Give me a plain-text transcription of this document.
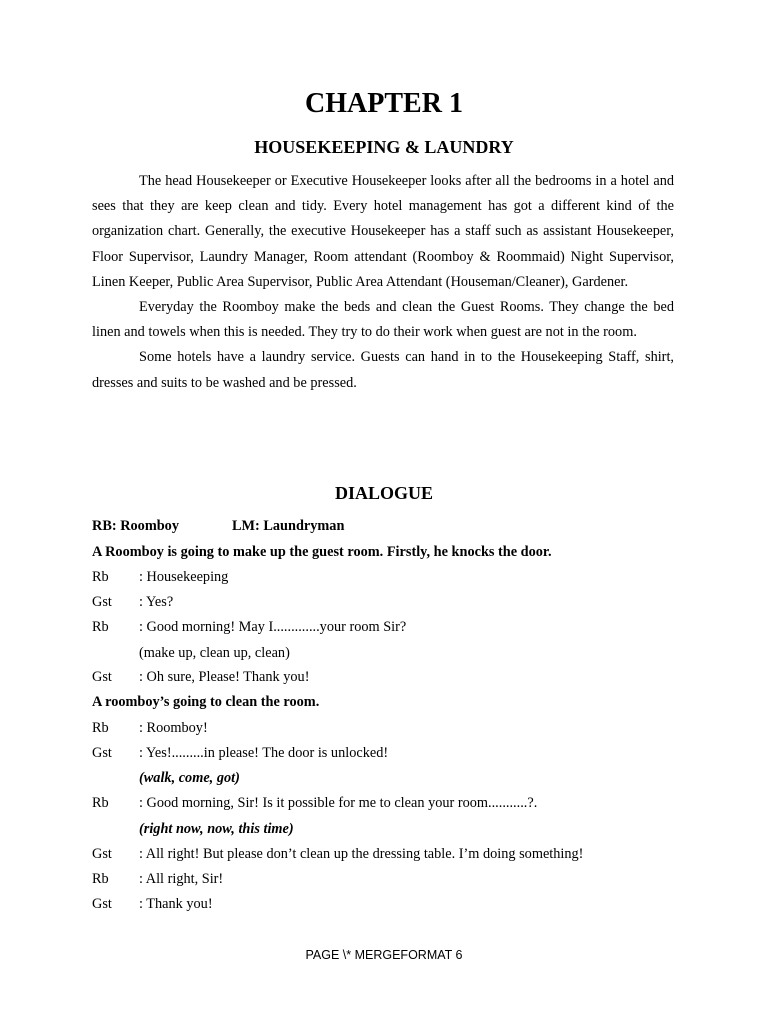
CHAPTER 1
HOUSEKEEPING & LAUNDRY

The head Housekeeper or Executive Housekeeper looks after all the bedrooms in a hotel and sees that they are keep clean and tidy. Every hotel management has got a different kind of the organization chart. Generally, the executive Housekeeper has a staff such as assistant Housekeeper, Floor Supervisor, Laundry Manager, Room attendant (Roomboy & Roommaid) Night Supervisor, Linen Keeper, Public Area Supervisor, Public Area Attendant (Houseman/Cleaner), Gardener.

Everyday the Roomboy make the beds and clean the Guest Rooms. They change the bed linen and towels when this is needed. They try to do their work when guest are not in the room.

Some hotels have a laundry service. Guests can hand in to the Housekeeping Staff, shirt, dresses and suits to be washed and be pressed.

DIALOGUE
RB: Roomboy	LM: Laundryman
A Roomboy is going to make up the guest room. Firstly, he knocks the door.
Rb : Housekeeping
Gst : Yes?
Rb : Good morning! May I.............your room Sir?
(make up, clean up, clean)
Gst : Oh sure, Please! Thank you!
A roomboy’s going to clean the room.
Rb : Roomboy!
Gst : Yes!.........in please! The door is unlocked!
(walk, come, got)
Rb : Good morning, Sir! Is it possible for me to clean your room...........?.
(right now, now, this time)
Gst : All right! But please don’t clean up the dressing table. I’m doing something!
Rb : All right, Sir!
Gst : Thank you!
PAGE \* MERGEFORMAT 6
